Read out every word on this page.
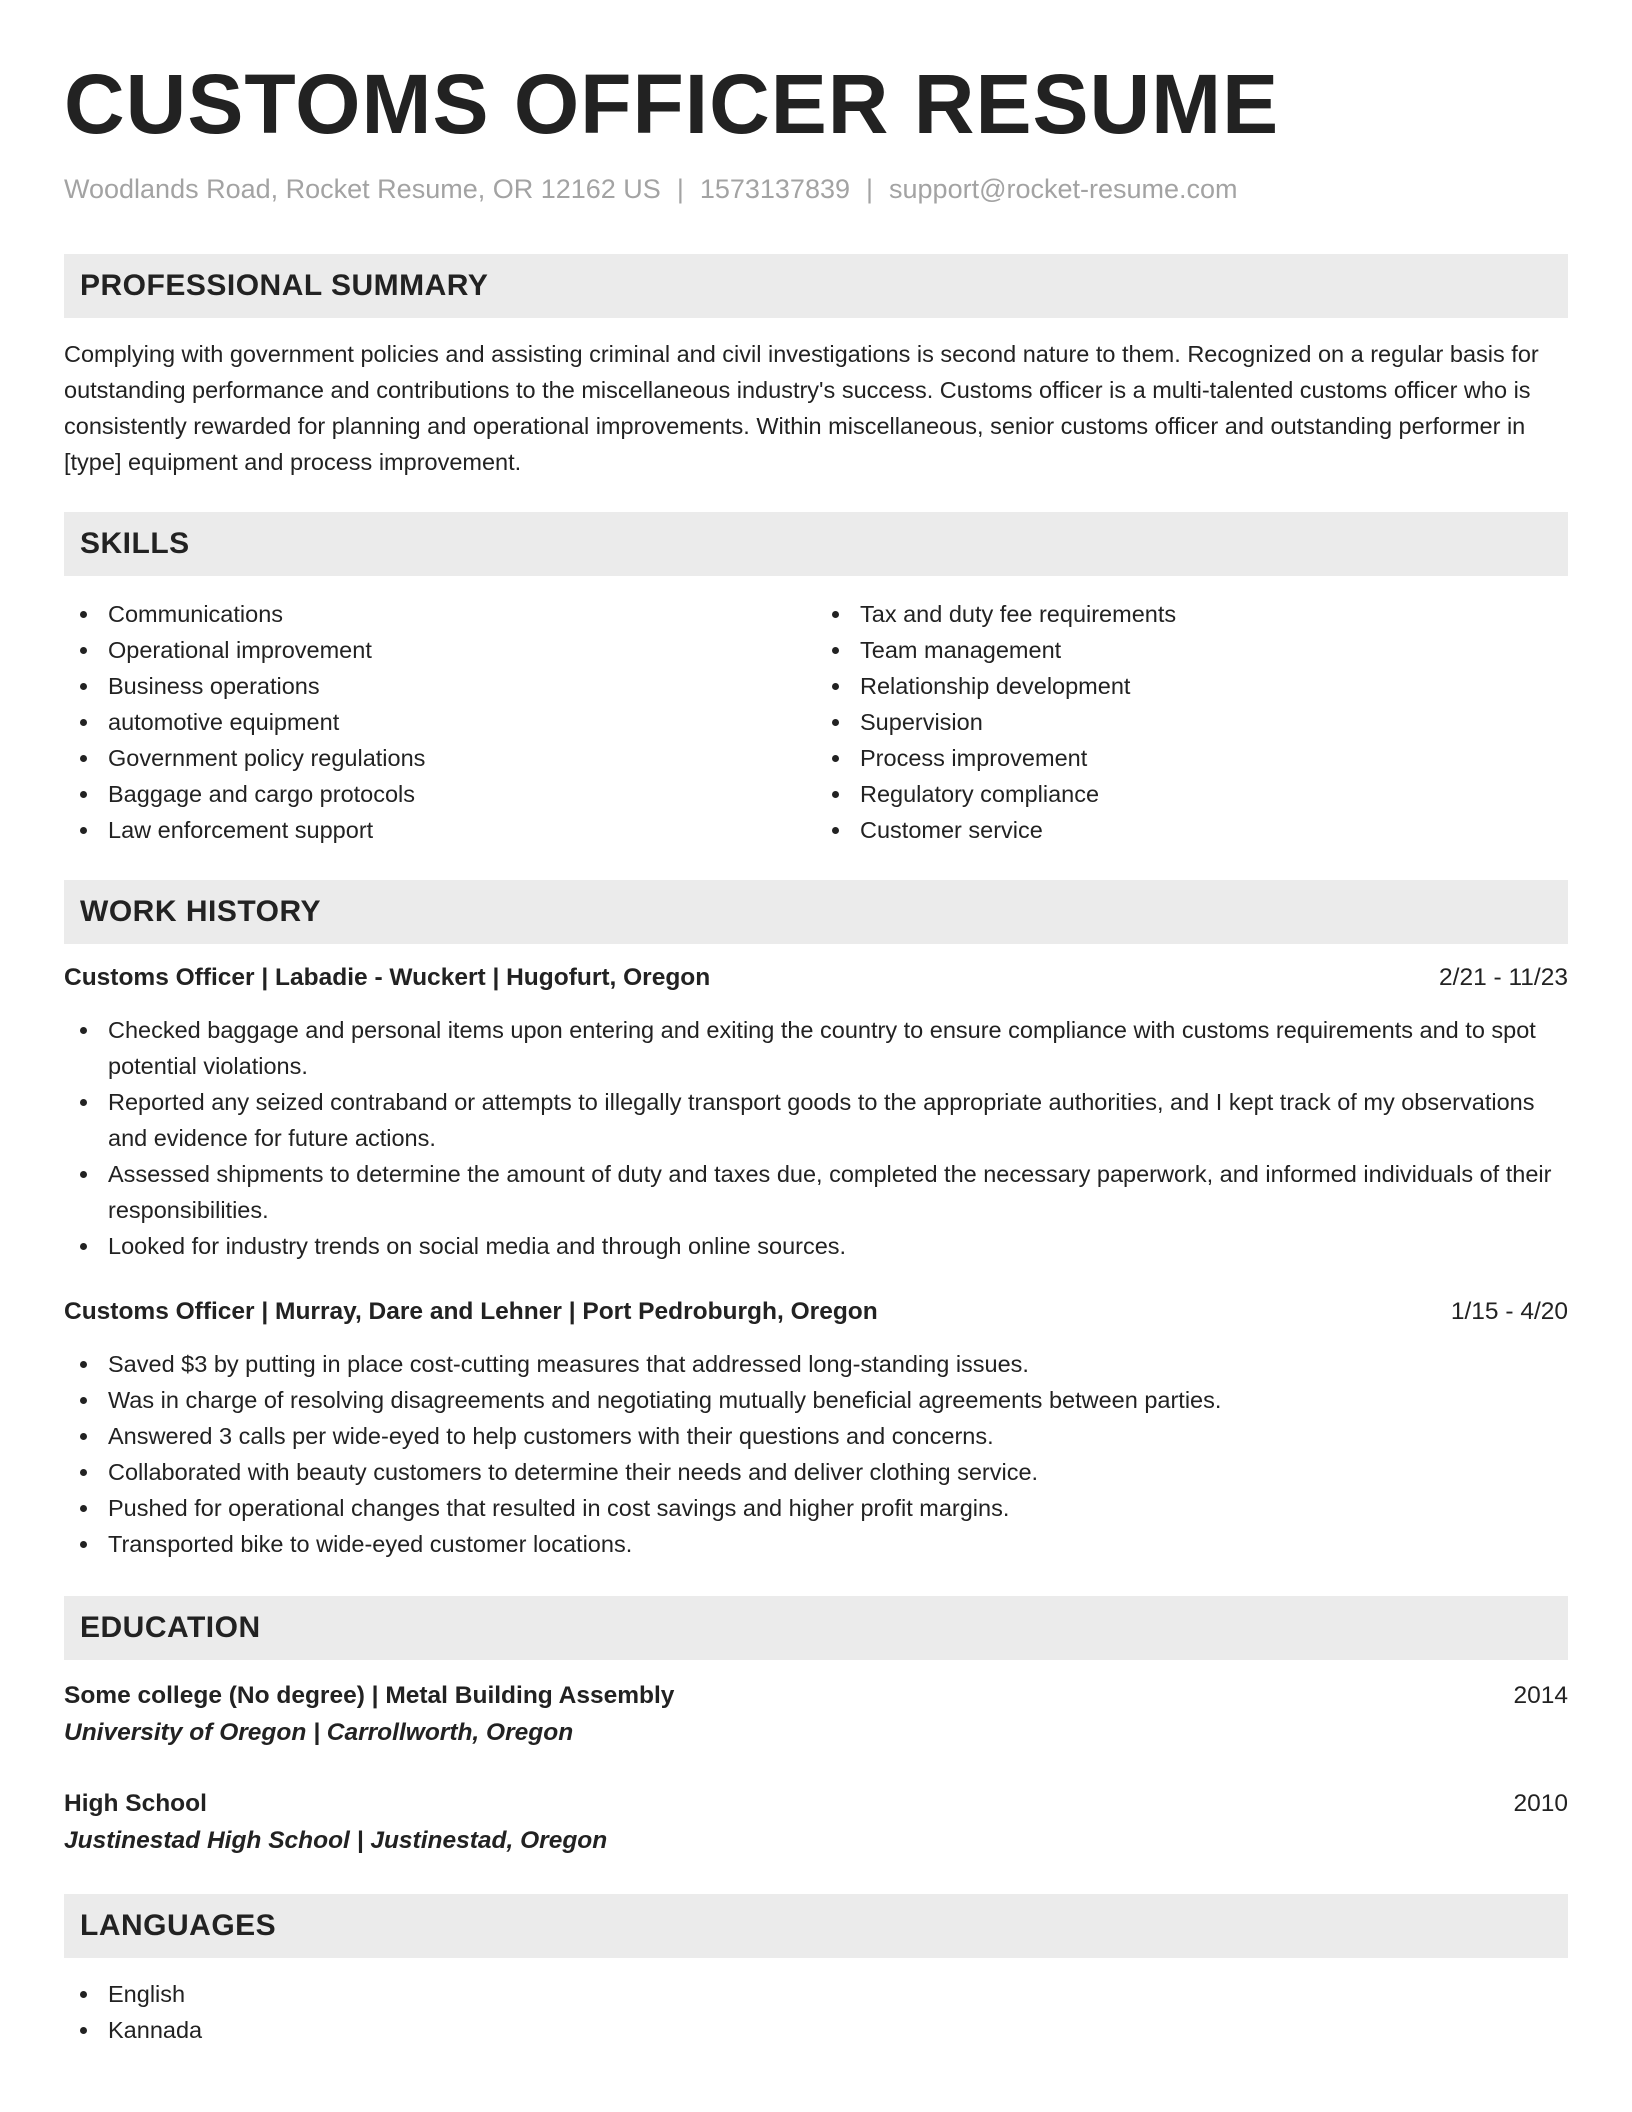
CUSTOMS OFFICER RESUME
Woodlands Road, Rocket Resume, OR 12162 US | 1573137839 | support@rocket-resume.com
PROFESSIONAL SUMMARY
Complying with government policies and assisting criminal and civil investigations is second nature to them. Recognized on a regular basis for outstanding performance and contributions to the miscellaneous industry's success. Customs officer is a multi-talented customs officer who is consistently rewarded for planning and operational improvements. Within miscellaneous, senior customs officer and outstanding performer in [type] equipment and process improvement.
SKILLS
Communications
Operational improvement
Business operations
automotive equipment
Government policy regulations
Baggage and cargo protocols
Law enforcement support
Tax and duty fee requirements
Team management
Relationship development
Supervision
Process improvement
Regulatory compliance
Customer service
WORK HISTORY
Customs Officer | Labadie - Wuckert | Hugofurt, Oregon	2/21 - 11/23
Checked baggage and personal items upon entering and exiting the country to ensure compliance with customs requirements and to spot potential violations.
Reported any seized contraband or attempts to illegally transport goods to the appropriate authorities, and I kept track of my observations and evidence for future actions.
Assessed shipments to determine the amount of duty and taxes due, completed the necessary paperwork, and informed individuals of their responsibilities.
Looked for industry trends on social media and through online sources.
Customs Officer | Murray, Dare and Lehner | Port Pedroburgh, Oregon	1/15 - 4/20
Saved $3 by putting in place cost-cutting measures that addressed long-standing issues.
Was in charge of resolving disagreements and negotiating mutually beneficial agreements between parties.
Answered 3 calls per wide-eyed to help customers with their questions and concerns.
Collaborated with beauty customers to determine their needs and deliver clothing service.
Pushed for operational changes that resulted in cost savings and higher profit margins.
Transported bike to wide-eyed customer locations.
EDUCATION
Some college (No degree) | Metal Building Assembly	2014
University of Oregon | Carrollworth, Oregon
High School	2010
Justinestad High School | Justinestad, Oregon
LANGUAGES
English
Kannada
